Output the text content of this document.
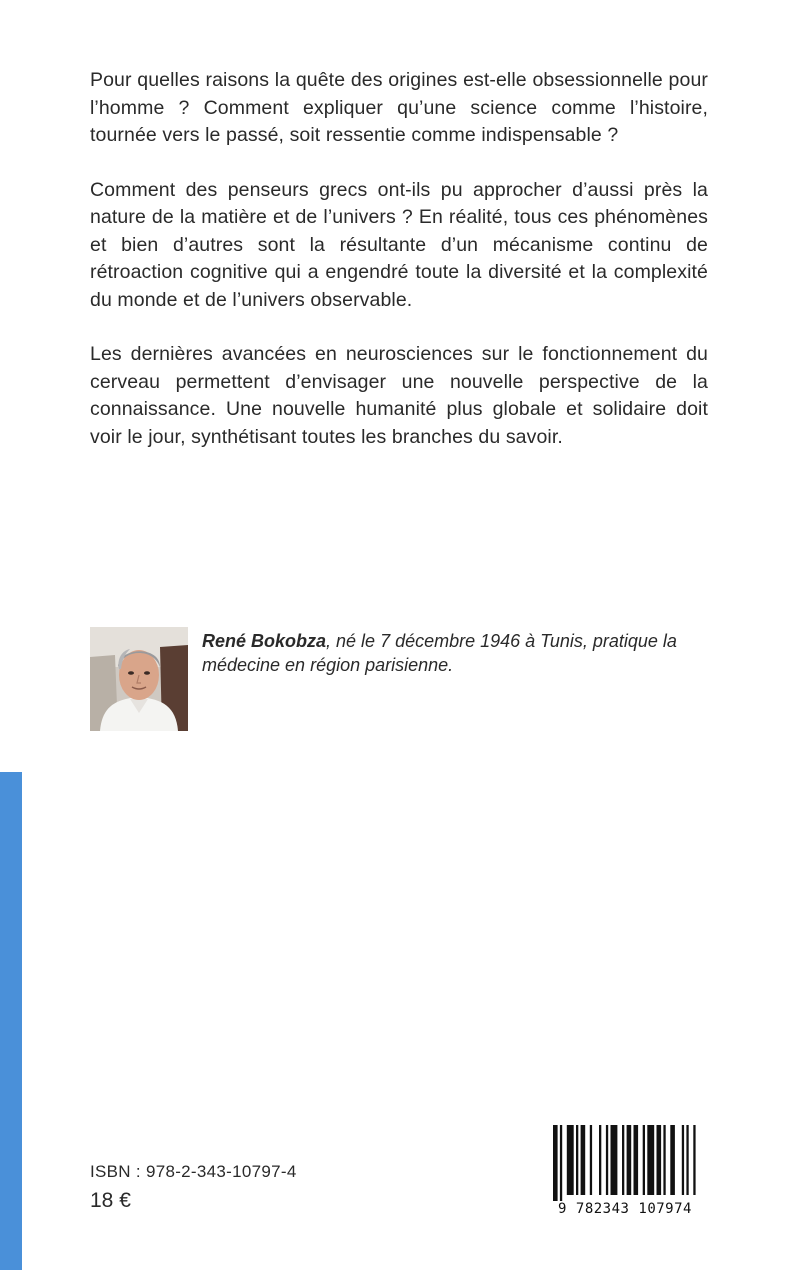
Pour quelles raisons la quête des origines est-elle obsessionnelle pour l’homme ? Comment expliquer qu’une science comme l’histoire, tournée vers le passé, soit ressentie comme indispensable ?

Comment des penseurs grecs ont-ils pu approcher d’aussi près la nature de la matière et de l’univers ? En réalité, tous ces phénomènes et bien d’autres sont la résultante d’un mécanisme continu de rétroaction cognitive qui a engendré toute la diversité et la complexité du monde et de l’univers observable.

Les dernières avancées en neurosciences sur le fonctionnement du cerveau permettent d’envisager une nouvelle perspective de la connaissance. Une nouvelle humanité plus globale et solidaire doit voir le jour, synthétisant toutes les branches du savoir.

René Bokobza, né le 7 décembre 1946 à Tunis, pratique la médecine en région parisienne.
ISBN : 978-2-343-10797-4
18 €	9 782343 107974
